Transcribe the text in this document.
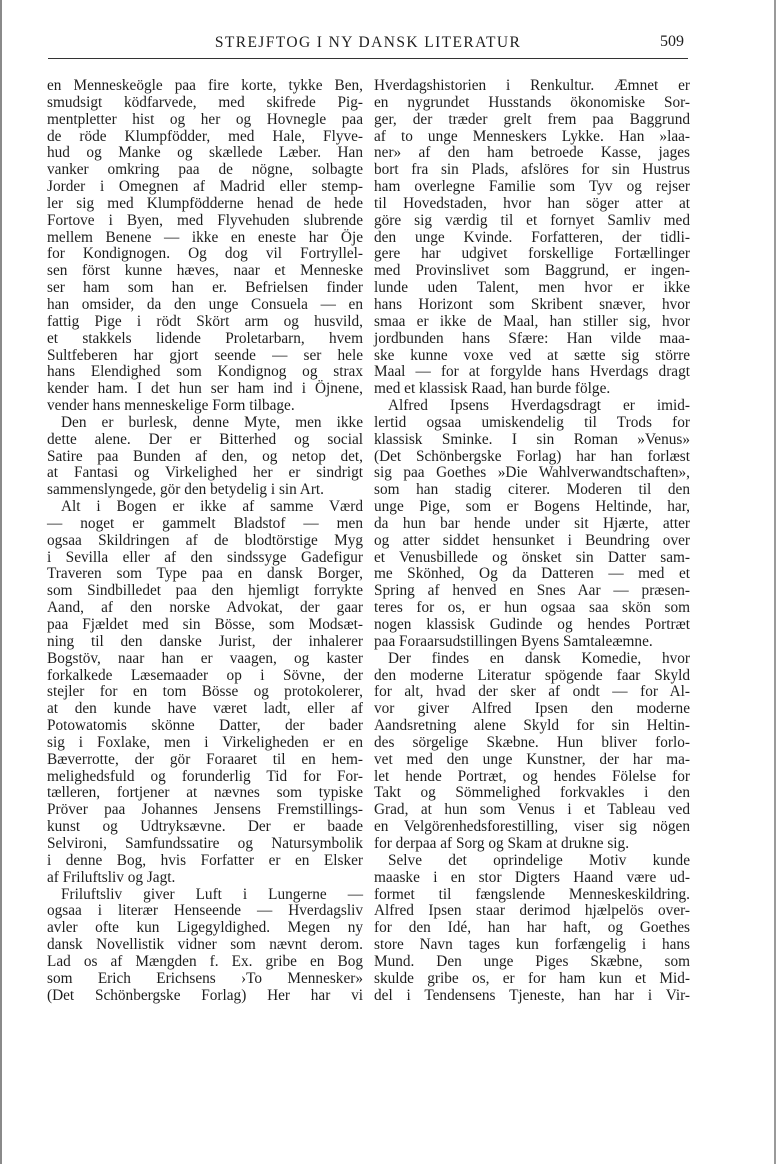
STREJFTOG I NY DANSK LITERATUR	509
en Menneskeögle paa fire korte, tykke Ben,
smudsigt ködfarvede, med skifrede Pig-
mentpletter hist og her og Hovnegle paa
de röde Klumpfödder, med Hale, Flyve-
hud og Manke og skællede Læber. Han
vanker omkring paa de nögne, solbagte
Jorder i Omegnen af Madrid eller stemp-
ler sig med Klumpfödderne henad de hede
Fortove i Byen, med Flyvehuden slubrende
mellem Benene — ikke en eneste har Öje
for Kondignogen. Og dog vil Fortryllel-
sen först kunne hæves, naar et Menneske
ser ham som han er. Befrielsen finder
han omsider, da den unge Consuela — en
fattig Pige i rödt Skört arm og husvild,
et stakkels lidende Proletarbarn, hvem
Sultfeberen har gjort seende — ser hele
hans Elendighed som Kondignog og strax
kender ham. I det hun ser ham ind i Öjnene,
vender hans menneskelige Form tilbage.
Den er burlesk, denne Myte, men ikke
dette alene. Der er Bitterhed og social
Satire paa Bunden af den, og netop det,
at Fantasi og Virkelighed her er sindrigt
sammenslyngede, gör den betydelig i sin Art.
Alt i Bogen er ikke af samme Værd
— noget er gammelt Bladstof — men
ogsaa Skildringen af de blodtörstige Myg
i Sevilla eller af den sindssyge Gadefigur
Traveren som Type paa en dansk Borger,
som Sindbilledet paa den hjemligt forrykte
Aand, af den norske Advokat, der gaar
paa Fjældet med sin Bösse, som Modsæt-
ning til den danske Jurist, der inhalerer
Bogstöv, naar han er vaagen, og kaster
forkalkede Læsemaader op i Sövne, der
stejler for en tom Bösse og protokolerer,
at den kunde have været ladt, eller af
Potowatomis skönne Datter, der bader
sig i Foxlake, men i Virkeligheden er en
Bæverrotte, der gör Foraaret til en hem-
melighedsfuld og forunderlig Tid for For-
tælleren, fortjener at nævnes som typiske
Pröver paa Johannes Jensens Fremstillings-
kunst og Udtryksævne. Der er baade
Selvironi, Samfundssatire og Natursymbolik
i denne Bog, hvis Forfatter er en Elsker
af Friluftsliv og Jagt.
Friluftsliv giver Luft i Lungerne —
ogsaa i literær Henseende — Hverdagsliv
avler ofte kun Ligegyldighed. Megen ny
dansk Novellistik vidner som nævnt derom.
Lad os af Mængden f. Ex. gribe en Bog
som Erich Erichsens ›To Mennesker»
(Det Schönbergske Forlag) Her har vi
Hverdagshistorien i Renkultur. Æmnet er
en nygrundet Husstands ökonomiske Sor-
ger, der træder grelt frem paa Baggrund
af to unge Menneskers Lykke. Han »laa-
ner» af den ham betroede Kasse, jages
bort fra sin Plads, afslöres for sin Hustrus
ham overlegne Familie som Tyv og rejser
til Hovedstaden, hvor han söger atter at
göre sig værdig til et fornyet Samliv med
den unge Kvinde. Forfatteren, der tidli-
gere har udgivet forskellige Fortællinger
med Provinslivet som Baggrund, er ingen-
lunde uden Talent, men hvor er ikke
hans Horizont som Skribent snæver, hvor
smaa er ikke de Maal, han stiller sig, hvor
jordbunden hans Sfære: Han vilde maa-
ske kunne voxe ved at sætte sig större
Maal — for at forgylde hans Hverdags dragt
med et klassisk Raad, han burde fölge.
Alfred Ipsens Hverdagsdragt er imid-
lertid ogsaa umiskendelig til Trods for
klassisk Sminke. I sin Roman »Venus»
(Det Schönbergske Forlag) har han forlæst
sig paa Goethes »Die Wahlverwandtschaften»,
som han stadig citerer. Moderen til den
unge Pige, som er Bogens Heltinde, har,
da hun bar hende under sit Hjærte, atter
og atter siddet hensunket i Beundring over
et Venusbillede og önsket sin Datter sam-
me Skönhed, Og da Datteren — med et
Spring af henved en Snes Aar — præsen-
teres for os, er hun ogsaa saa skön som
nogen klassisk Gudinde og hendes Portræt
paa Foraarsudstillingen Byens Samtaleæmne.
Der findes en dansk Komedie, hvor
den moderne Literatur spögende faar Skyld
for alt, hvad der sker af ondt — for Al-
vor giver Alfred Ipsen den moderne
Aandsretning alene Skyld for sin Heltin-
des sörgelige Skæbne. Hun bliver forlo-
vet med den unge Kunstner, der har ma-
let hende Portræt, og hendes Fölelse for
Takt og Sömmelighed forkvakles i den
Grad, at hun som Venus i et Tableau ved
en Velgörenhedsforestilling, viser sig nögen
for derpaa af Sorg og Skam at drukne sig.
Selve det oprindelige Motiv kunde
maaske i en stor Digters Haand være ud-
formet til fængslende Menneskeskildring.
Alfred Ipsen staar derimod hjælpelös over-
for den Idé, han har haft, og Goethes
store Navn tages kun forfængelig i hans
Mund. Den unge Piges Skæbne, som
skulde gribe os, er for ham kun et Mid-
del i Tendensens Tjeneste, han har i Vir-
